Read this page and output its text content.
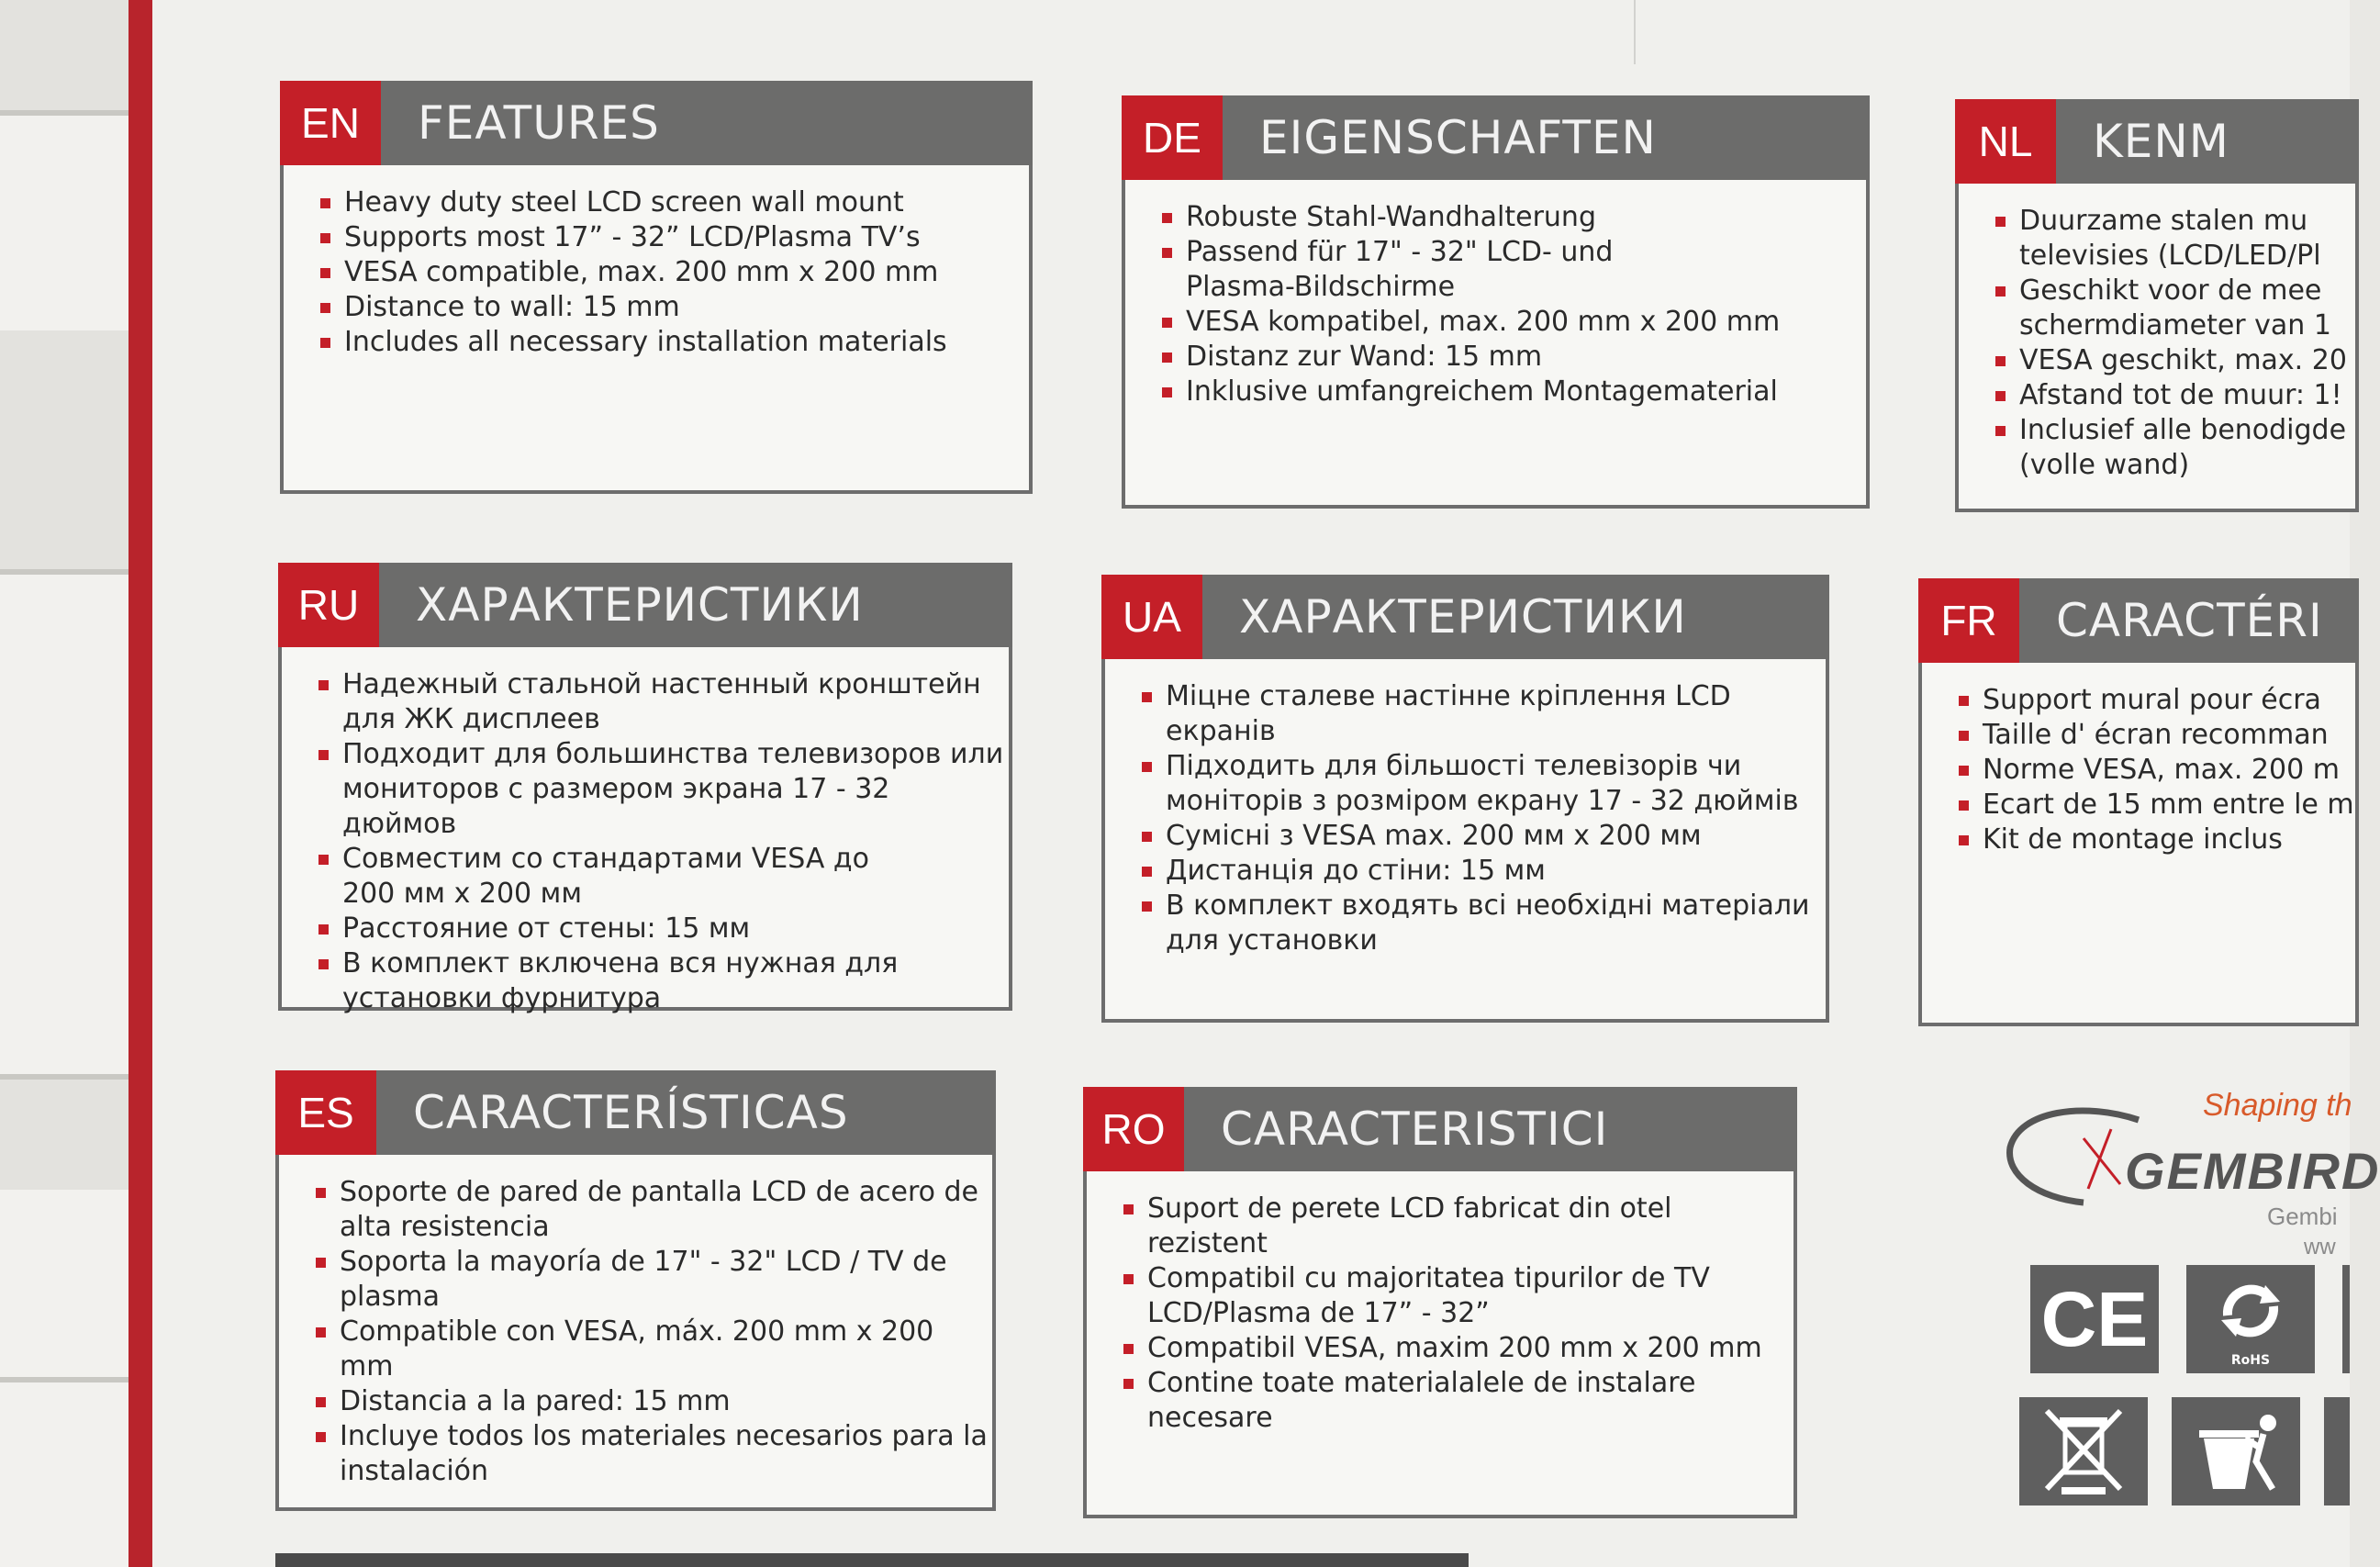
EN	FEATURES
Heavy duty steel LCD screen wall mount
Supports most 17” - 32” LCD/Plasma TV’s
VESA compatible, max. 200 mm x 200 mm
Distance to wall: 15 mm
Includes all necessary installation materials
DE	EIGENSCHAFTEN
Robuste Stahl-Wandhalterung
Passend für 17" - 32" LCD- und
Plasma-Bildschirme
VESA kompatibel, max. 200 mm x 200 mm
Distanz zur Wand: 15 mm
Inklusive umfangreichem Montagematerial
NL	KENM
Duurzame stalen mu
televisies (LCD/LED/Pl
Geschikt voor de mee
schermdiameter van 1
VESA geschikt, max. 20
Afstand tot de muur: 1!
Inclusief alle benodigde
(volle wand)
RU	ХАРАКТЕРИСТИКИ
Надежный стальной настенный кронштейн
для ЖК дисплеев
Подходит для большинства телевизоров или
мониторов с размером экрана 17 - 32 дюймов
Совместим со стандартами VESA до
200 мм x 200 мм
Расстояние от стены: 15 мм
В комплект включена вся нужная для
установки фурнитура
UA	ХАРАКТЕРИСТИКИ
Міцне сталеве настінне кріплення LCD
екранів
Підходить для більшості телевізорів чи
моніторів з розміром екрану 17 - 32 дюймів
Сумісні з VESA max. 200 мм x 200 мм
Дистанція до стіни: 15 мм
В комплект входять всі необхідні матеріали
для установки
FR	CARACTÉRI
Support mural pour écra
Taille d' écran recomman
Norme VESA, max. 200 m
Ecart de 15 mm entre le m
Kit de montage inclus
ES	CARACTERÍSTICAS
Soporte de pared de pantalla LCD de acero de
alta resistencia
Soporta la mayoría de 17" - 32" LCD / TV de
plasma
Compatible con VESA, máx. 200 mm x 200 mm
Distancia a la pared: 15 mm
Incluye todos los materiales necesarios para la
instalación
RO	CARACTERISTICI
Suport de perete LCD fabricat din otel
rezistent
Compatibil cu majoritatea tipurilor de TV
LCD/Plasma de 17” - 32”
Compatibil VESA, maxim 200 mm x 200 mm
Contine toate materialalele de instalare
necesare
Shaping th
GEMBIRD
Gembi
ww
CE	RoHS
